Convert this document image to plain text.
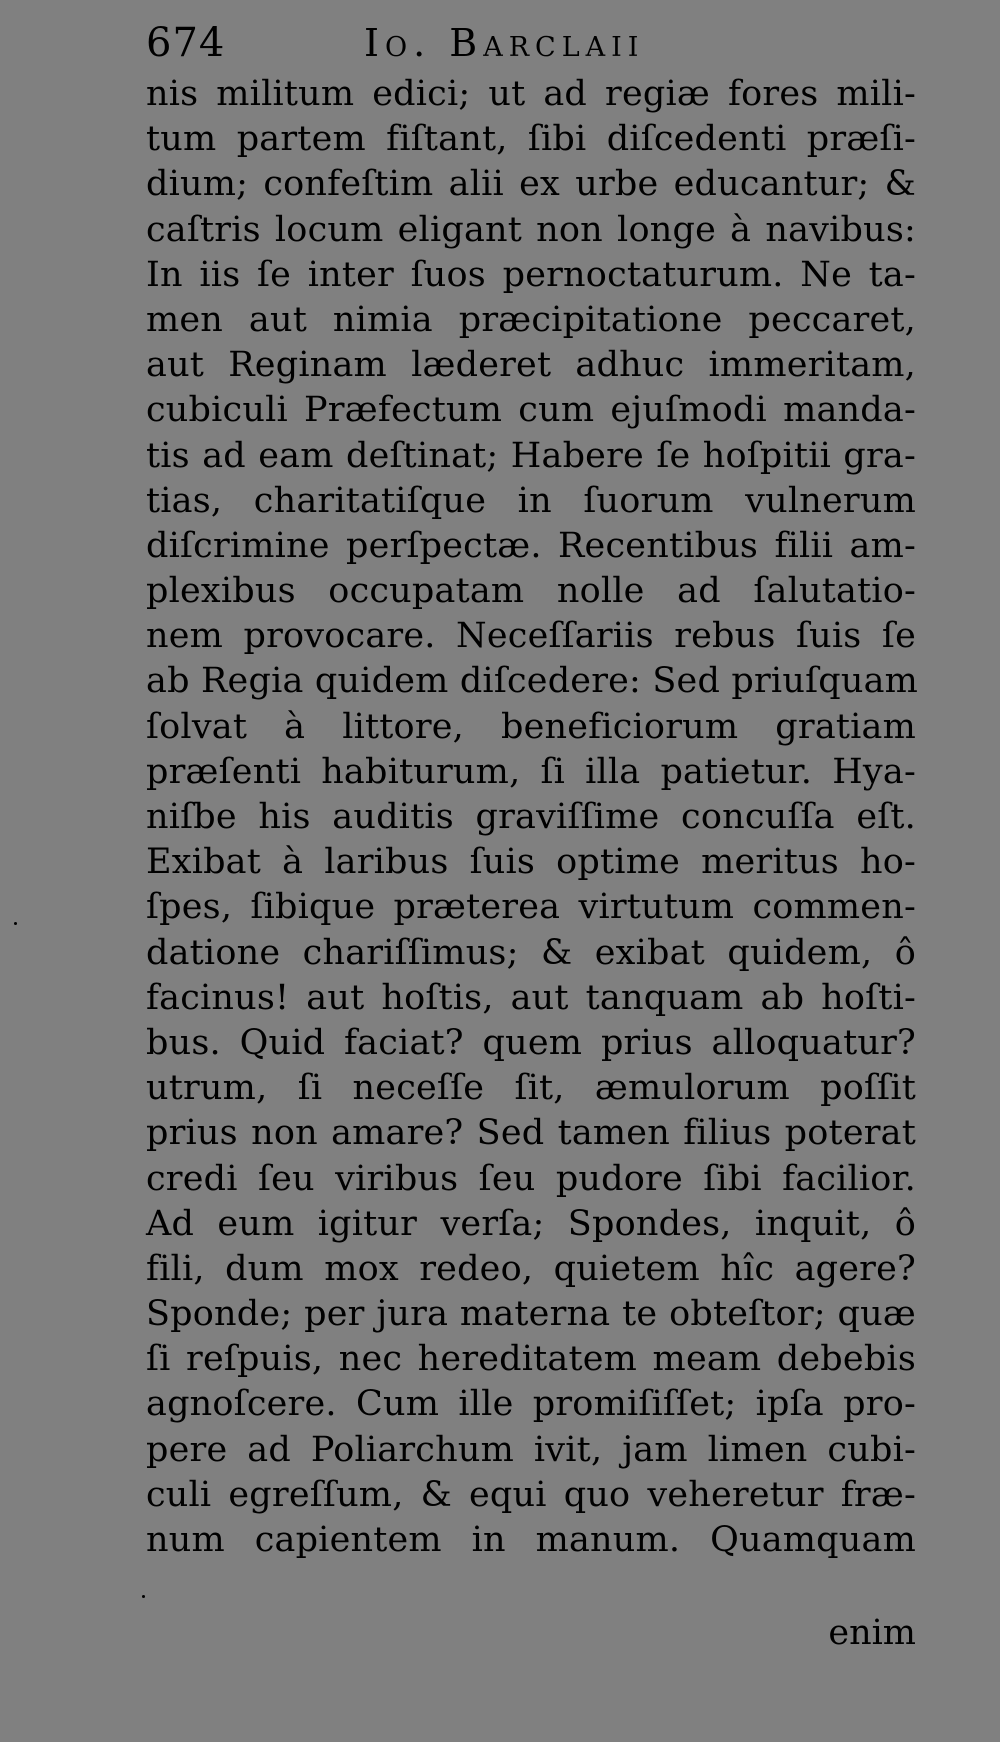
674	Io. Barclaii
nis militum edici; ut ad regiæ fores mili-
tum partem fiſtant, ſibi diſcedenti præſi-
dium; confeſtim alii ex urbe educantur; &
caſtris locum eligant non longe à navibus:
In iis ſe inter ſuos pernoctaturum. Ne ta-
men aut nimia præcipitatione peccaret,
aut Reginam læderet adhuc immeritam,
cubiculi Præfectum cum ejuſmodi manda-
tis ad eam deſtinat; Habere ſe hoſpitii gra-
tias, charitatiſque in ſuorum vulnerum
diſcrimine perſpectæ. Recentibus filii am-
plexibus occupatam nolle ad ſalutatio-
nem provocare. Neceſſariis rebus ſuis ſe
ab Regia quidem diſcedere: Sed priuſquam
ſolvat à littore, beneficiorum gratiam
præſenti habiturum, ſi illa patietur. Hya-
niſbe his auditis graviſſime concuſſa eſt.
Exibat à laribus ſuis optime meritus ho-
ſpes, ſibique præterea virtutum commen-
datione chariſſimus; & exibat quidem, ô
facinus! aut hoſtis, aut tanquam ab hoſti-
bus. Quid faciat? quem prius alloquatur?
utrum, ſi neceſſe ſit, æmulorum poſſit
prius non amare? Sed tamen filius poterat
credi ſeu viribus ſeu pudore ſibi facilior.
Ad eum igitur verſa; Spondes, inquit, ô
fili, dum mox redeo, quietem hîc agere?
Sponde; per jura materna te obteſtor; quæ
ſi reſpuis, nec hereditatem meam debebis
agnoſcere. Cum ille promiſiſſet; ipſa pro-
pere ad Poliarchum ivit, jam limen cubi-
culi egreſſum, & equi quo veheretur fræ-
num capientem in manum. Quamquam
enim
